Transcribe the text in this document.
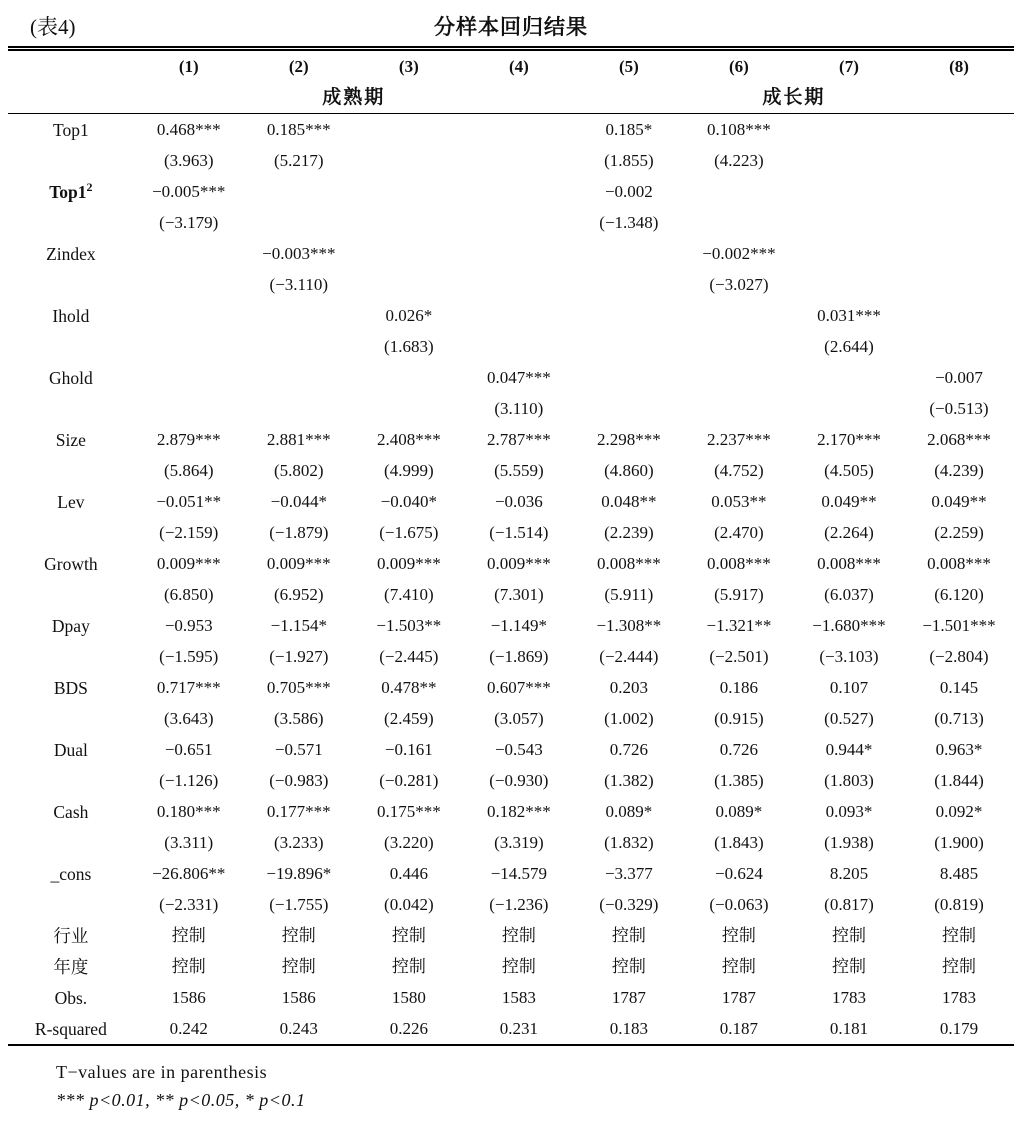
(表4)	分样本回归结果
	(1)	(2)	(3)	(4)	(5)	(6)	(7)	(8)
	成熟期				成长期			
Top1	0.468***	0.185***			0.185*	0.108***		
	(3.963)	(5.217)			(1.855)	(4.223)		
$Top1^2$	−0.005***				−0.002			
	(−3.179)				(−1.348)			
Zindex		−0.003***				−0.002***		
		(−3.110)				(−3.027)		
Ihold			0.026*				0.031***	
			(1.683)				(2.644)	
Ghold				0.047***				−0.007
				(3.110)				(−0.513)
Size	2.879***	2.881***	2.408***	2.787***	2.298***	2.237***	2.170***	2.068***
	(5.864)	(5.802)	(4.999)	(5.559)	(4.860)	(4.752)	(4.505)	(4.239)
Lev	−0.051**	−0.044*	−0.040*	−0.036	0.048**	0.053**	0.049**	0.049**
	(−2.159)	(−1.879)	(−1.675)	(−1.514)	(2.239)	(2.470)	(2.264)	(2.259)
Growth	0.009***	0.009***	0.009***	0.009***	0.008***	0.008***	0.008***	0.008***
	(6.850)	(6.952)	(7.410)	(7.301)	(5.911)	(5.917)	(6.037)	(6.120)
Dpay	−0.953	−1.154*	−1.503**	−1.149*	−1.308**	−1.321**	−1.680***	−1.501***
	(−1.595)	(−1.927)	(−2.445)	(−1.869)	(−2.444)	(−2.501)	(−3.103)	(−2.804)
BDS	0.717***	0.705***	0.478**	0.607***	0.203	0.186	0.107	0.145
	(3.643)	(3.586)	(2.459)	(3.057)	(1.002)	(0.915)	(0.527)	(0.713)
Dual	−0.651	−0.571	−0.161	−0.543	0.726	0.726	0.944*	0.963*
	(−1.126)	(−0.983)	(−0.281)	(−0.930)	(1.382)	(1.385)	(1.803)	(1.844)
Cash	0.180***	0.177***	0.175***	0.182***	0.089*	0.089*	0.093*	0.092*
	(3.311)	(3.233)	(3.220)	(3.319)	(1.832)	(1.843)	(1.938)	(1.900)
_cons	−26.806**	−19.896*	0.446	−14.579	−3.377	−0.624	8.205	8.485
	(−2.331)	(−1.755)	(0.042)	(−1.236)	(−0.329)	(−0.063)	(0.817)	(0.819)
行业	控制	控制	控制	控制	控制	控制	控制	控制
年度	控制	控制	控制	控制	控制	控制	控制	控制
Obs.	1586	1586	1580	1583	1787	1787	1783	1783
R-squared	0.242	0.243	0.226	0.231	0.183	0.187	0.181	0.179
T−values are in parenthesis
*** p<0.01, ** p<0.05, * p<0.1
